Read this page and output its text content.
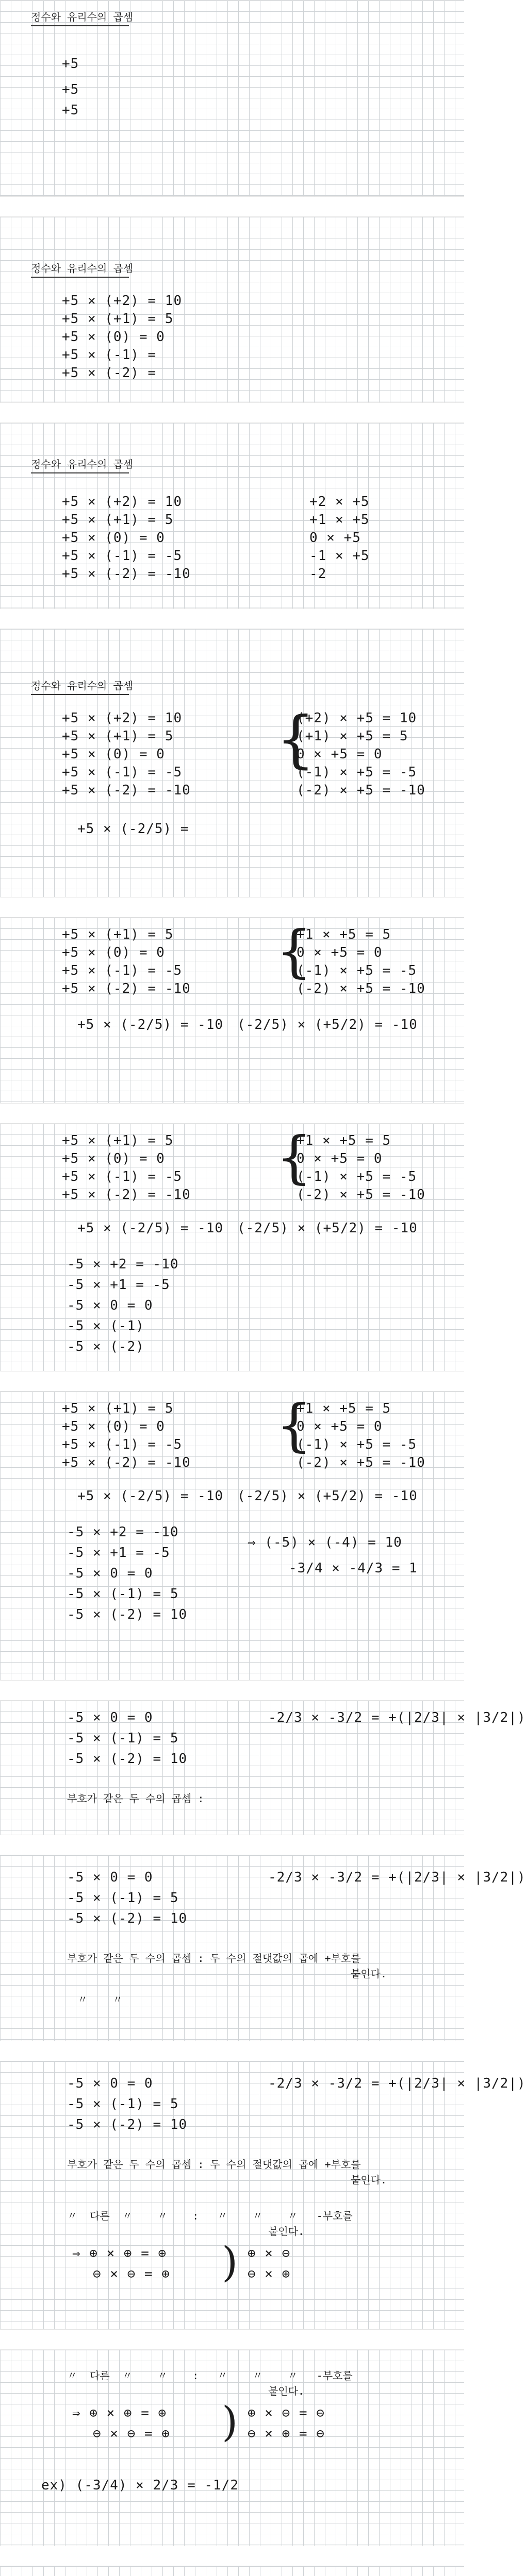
정수와 유리수의 곱셈
+5
+5
+5
정수와 유리수의 곱셈
+5 × (+2) = 10
+5 × (+1) = 5
+5 × (0) = 0
+5 × (-1) =
+5 × (-2) =
정수와 유리수의 곱셈
+5 × (+2) = 10
+5 × (+1) = 5
+5 × (0) = 0
+5 × (-1) = -5
+5 × (-2) = -10
+2 × +5
+1 × +5
0 × +5
-1 × +5
-2
정수와 유리수의 곱셈
+5 × (+2) = 10
+5 × (+1) = 5
+5 × (0) = 0
+5 × (-1) = -5
+5 × (-2) = -10
{
(+2) × +5 = 10
(+1) × +5 = 5
0 × +5 = 0
(-1) × +5 = -5
(-2) × +5 = -10
+5 × (-2/5) =
+5 × (+1) = 5
+5 × (0) = 0
+5 × (-1) = -5
+5 × (-2) = -10
{
+1 × +5 = 5
0 × +5 = 0
(-1) × +5 = -5
(-2) × +5 = -10
+5 × (-2/5) = -10 (-2/5) × (+5/2) = -10
+5 × (+1) = 5
+5 × (0) = 0
+5 × (-1) = -5
+5 × (-2) = -10
{
+1 × +5 = 5
0 × +5 = 0
(-1) × +5 = -5
(-2) × +5 = -10
+5 × (-2/5) = -10 (-2/5) × (+5/2) = -10
-5 × +2 = -10
-5 × +1 = -5
-5 × 0 = 0
-5 × (-1)
-5 × (-2)
+5 × (+1) = 5
+5 × (0) = 0
+5 × (-1) = -5
+5 × (-2) = -10
{
+1 × +5 = 5
0 × +5 = 0
(-1) × +5 = -5
(-2) × +5 = -10
+5 × (-2/5) = -10 (-2/5) × (+5/2) = -10
-5 × +2 = -10
-5 × +1 = -5
-5 × 0 = 0
-5 × (-1) = 5
-5 × (-2) = 10
⇒ (-5) × (-4) = 10
-3/4 × -4/3 = 1
-5 × 0 = 0
-5 × (-1) = 5
-5 × (-2) = 10
-2/3 × -3/2 = +(|2/3| × |3/2|)
부호가 같은 두 수의 곱셈 :
-5 × 0 = 0
-5 × (-1) = 5
-5 × (-2) = 10
-2/3 × -3/2 = +(|2/3| × |3/2|)
부호가 같은 두 수의 곱셈 : 두 수의 절댓값의 곱에 +부호를
붙인다.
〃    〃
-5 × 0 = 0
-5 × (-1) = 5
-5 × (-2) = 10
-2/3 × -3/2 = +(|2/3| × |3/2|)
부호가 같은 두 수의 곱셈 : 두 수의 절댓값의 곱에 +부호를
붙인다.
〃  다른  〃    〃    :   〃    〃    〃   -부호를
붙인다.
⇒ ⊕ × ⊕ = ⊕
⊖ × ⊖ = ⊕ ) ⊕ × ⊖
⊖ × ⊕
〃  다른  〃    〃    :   〃    〃    〃   -부호를
붙인다.
⇒ ⊕ × ⊕ = ⊕
⊖ × ⊖ = ⊕ ) ⊕ × ⊖ = ⊖
⊖ × ⊕ = ⊖
ex) (-3/4) × 2/3 = -1/2
